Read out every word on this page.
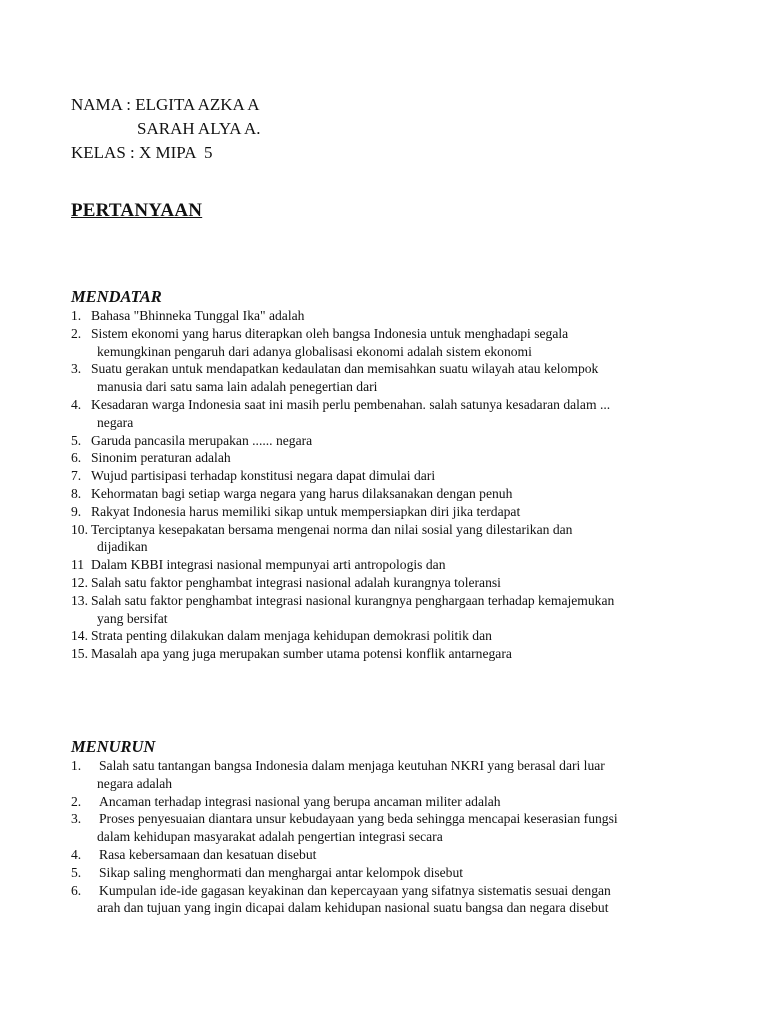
NAMA : ELGITA AZKA A
SARAH ALYA A.
KELAS : X MIPA  5
PERTANYAAN
MENDATAR
1. Bahasa "Bhinneka Tunggal Ika" adalah
2. Sistem ekonomi yang harus diterapkan oleh bangsa Indonesia untuk menghadapi segala
kemungkinan pengaruh dari adanya globalisasi ekonomi adalah sistem ekonomi
3. Suatu gerakan untuk mendapatkan kedaulatan dan memisahkan suatu wilayah atau kelompok
manusia dari satu sama lain adalah penegertian dari
4. Kesadaran warga Indonesia saat ini masih perlu pembenahan. salah satunya kesadaran dalam ...
negara
5. Garuda pancasila merupakan ...... negara
6. Sinonim peraturan adalah
7. Wujud partisipasi terhadap konstitusi negara dapat dimulai dari
8. Kehormatan bagi setiap warga negara yang harus dilaksanakan dengan penuh
9. Rakyat Indonesia harus memiliki sikap untuk mempersiapkan diri jika terdapat
10. Terciptanya kesepakatan bersama mengenai norma dan nilai sosial yang dilestarikan dan
dijadikan
11 Dalam KBBI integrasi nasional mempunyai arti antropologis dan
12. Salah satu faktor penghambat integrasi nasional adalah kurangnya toleransi
13. Salah satu faktor penghambat integrasi nasional kurangnya penghargaan terhadap kemajemukan
yang bersifat
14. Strata penting dilakukan dalam menjaga kehidupan demokrasi politik dan
15. Masalah apa yang juga merupakan sumber utama potensi konflik antarnegara
MENURUN
1.	Salah satu tantangan bangsa Indonesia dalam menjaga keutuhan NKRI yang berasal dari luar
negara adalah
2.	Ancaman terhadap integrasi nasional yang berupa ancaman militer adalah
3.	Proses penyesuaian diantara unsur kebudayaan yang beda sehingga mencapai keserasian fungsi
dalam kehidupan masyarakat adalah pengertian integrasi secara
4.	Rasa kebersamaan dan kesatuan disebut
5.	Sikap saling menghormati dan menghargai antar kelompok disebut
6.	Kumpulan ide-ide gagasan keyakinan dan kepercayaan yang sifatnya sistematis sesuai dengan
arah dan tujuan yang ingin dicapai dalam kehidupan nasional suatu bangsa dan negara disebut
